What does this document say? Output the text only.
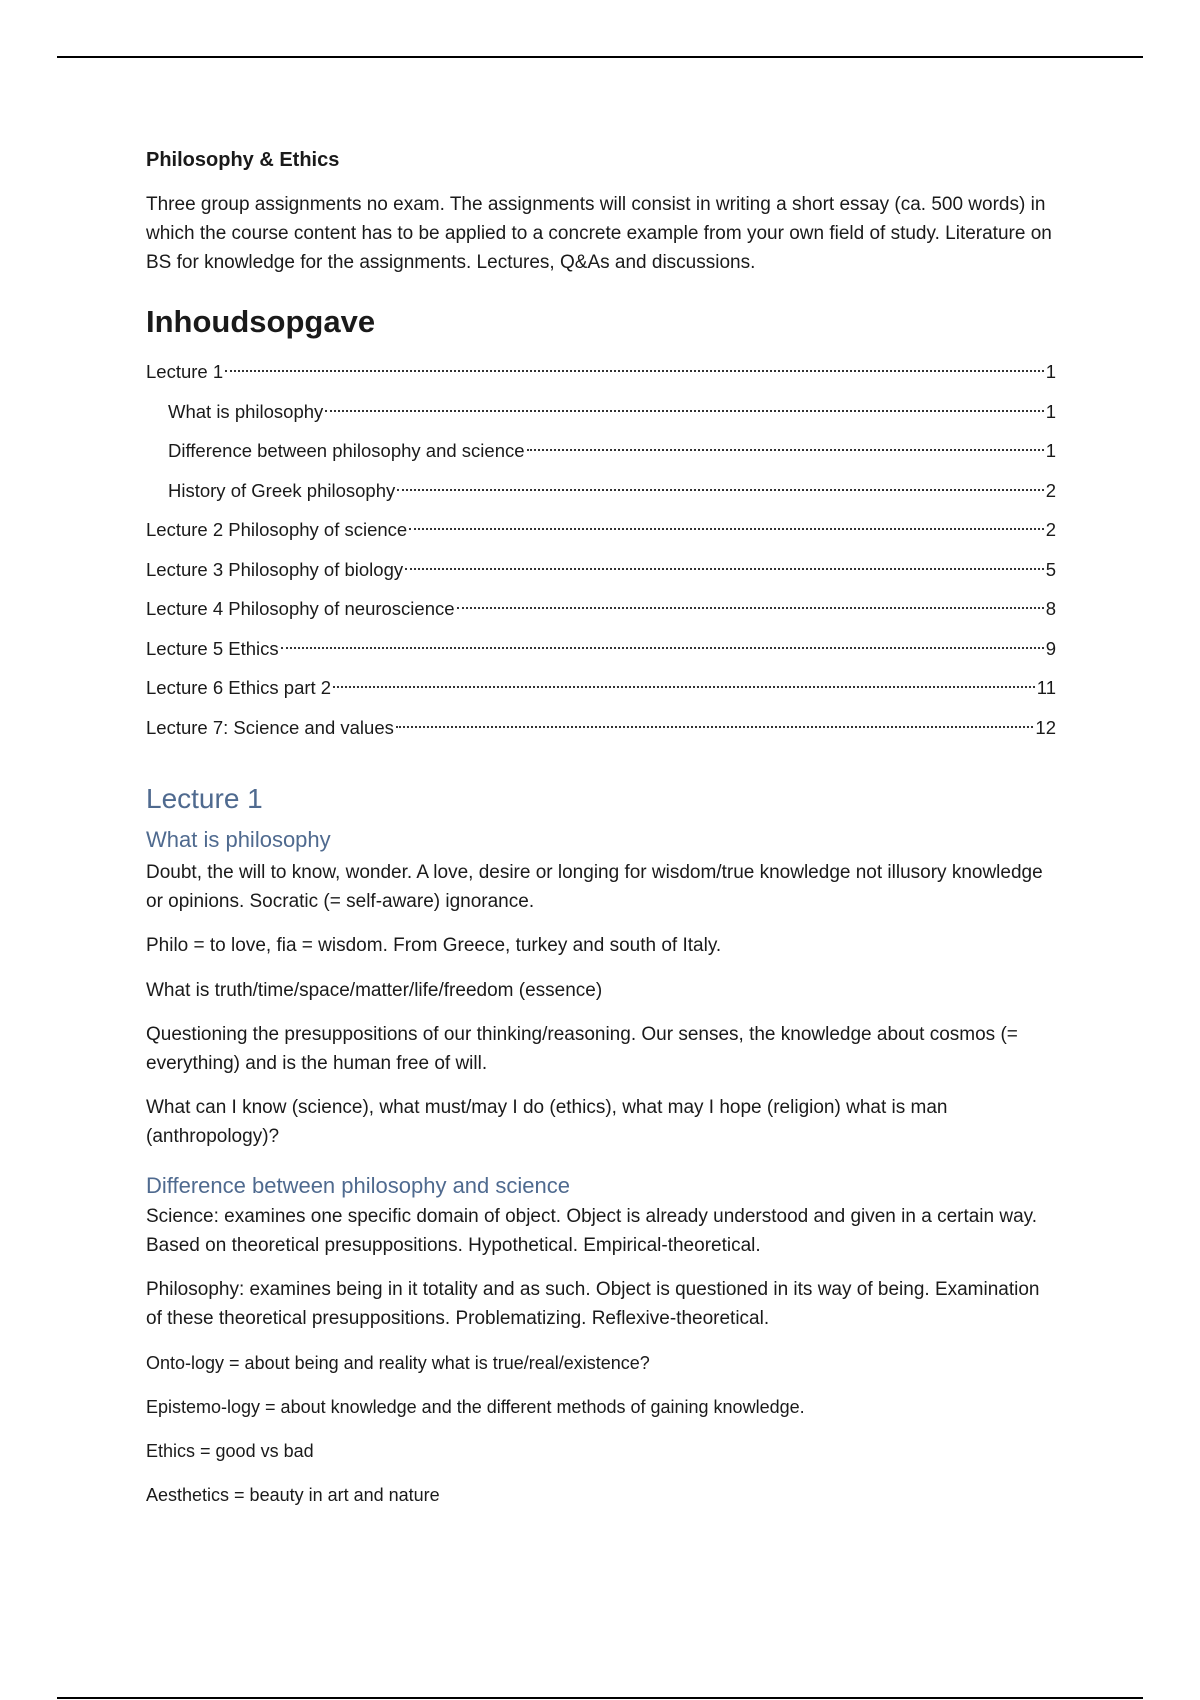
Philosophy & Ethics

Three group assignments no exam. The assignments will consist in writing a short essay (ca. 500 words) in which the course content has to be applied to a concrete example from your own field of study. Literature on BS for knowledge for the assignments. Lectures, Q&As and discussions.

Inhoudsopgave
Lecture 1	1
What is philosophy	1
Difference between philosophy and science	1
History of Greek philosophy	2
Lecture 2 Philosophy of science	2
Lecture 3 Philosophy of biology	5
Lecture 4 Philosophy of neuroscience	8
Lecture 5 Ethics	9
Lecture 6 Ethics part 2	11
Lecture 7: Science and values	12
Lecture 1
What is philosophy

Doubt, the will to know, wonder. A love, desire or longing for wisdom/true knowledge not illusory knowledge or opinions. Socratic (= self-aware) ignorance.

Philo = to love, fia = wisdom. From Greece, turkey and south of Italy.

What is truth/time/space/matter/life/freedom (essence)

Questioning the presuppositions of our thinking/reasoning. Our senses, the knowledge about cosmos (= everything) and is the human free of will.

What can I know (science), what must/may I do (ethics), what may I hope (religion) what is man (anthropology)?

Difference between philosophy and science

Science: examines one specific domain of object. Object is already understood and given in a certain way. Based on theoretical presuppositions. Hypothetical. Empirical-theoretical.

Philosophy: examines being in it totality and as such. Object is questioned in its way of being. Examination of these theoretical presuppositions. Problematizing. Reflexive-theoretical.

Onto-logy = about being and reality what is true/real/existence?

Epistemo-logy = about knowledge and the different methods of gaining knowledge.

Ethics = good vs bad

Aesthetics = beauty in art and nature
